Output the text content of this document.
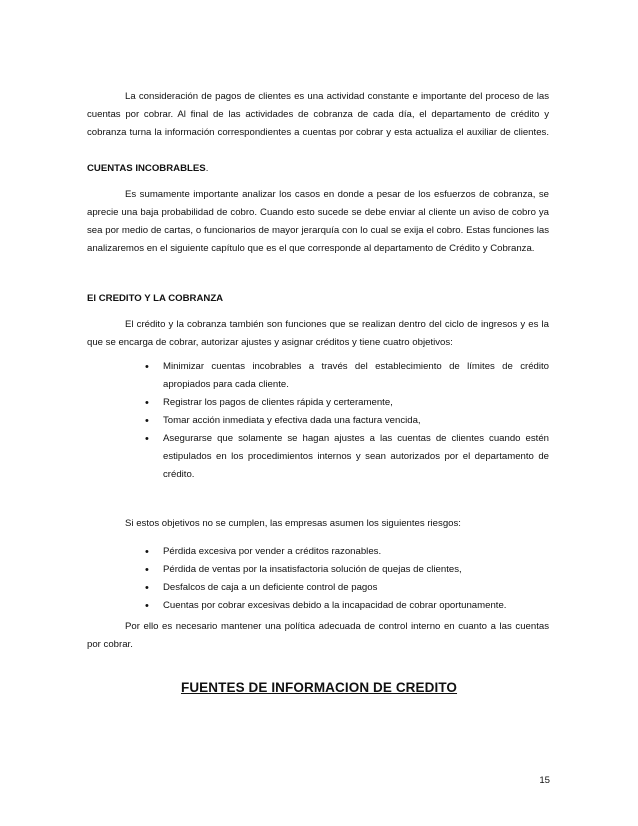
La consideración de pagos de clientes es una actividad constante e importante del proceso de las cuentas por cobrar. Al final de las actividades de cobranza de cada día, el departamento de crédito y cobranza turna la información correspondientes a cuentas por cobrar y esta actualiza el auxiliar de clientes.

CUENTAS INCOBRABLES.

Es sumamente importante analizar los casos en donde a pesar de los esfuerzos de cobranza, se aprecie una baja probabilidad de cobro. Cuando esto sucede se debe enviar al cliente un aviso de cobro ya sea por medio de cartas, o funcionarios de mayor jerarquía con lo cual se exija el cobro. Estas funciones las analizaremos en el siguiente capítulo que es el que corresponde al departamento de Crédito y Cobranza.

El CREDITO Y LA COBRANZA

El crédito y la cobranza también son funciones que se realizan dentro del ciclo de ingresos y es la que se encarga de cobrar, autorizar ajustes y asignar créditos y tiene cuatro objetivos:

• Minimizar cuentas incobrables a través del establecimiento de límites de crédito apropiados para cada cliente.
• Registrar los pagos de clientes rápida y certeramente,
• Tomar acción inmediata y efectiva dada una factura vencida,
• Asegurarse que solamente se hagan ajustes a las cuentas de clientes cuando estén estipulados en los procedimientos internos y sean autorizados por el departamento de crédito.

Si estos objetivos no se cumplen, las empresas asumen los siguientes riesgos:

• Pérdida excesiva por vender a créditos razonables.
• Pérdida de ventas por la insatisfactoria solución de quejas de clientes,
• Desfalcos de caja a un deficiente control de pagos
• Cuentas por cobrar excesivas debido a la incapacidad de cobrar oportunamente.

Por ello es necesario mantener una política adecuada de control interno en cuanto a las cuentas por cobrar.

FUENTES DE INFORMACION DE CREDITO
15
